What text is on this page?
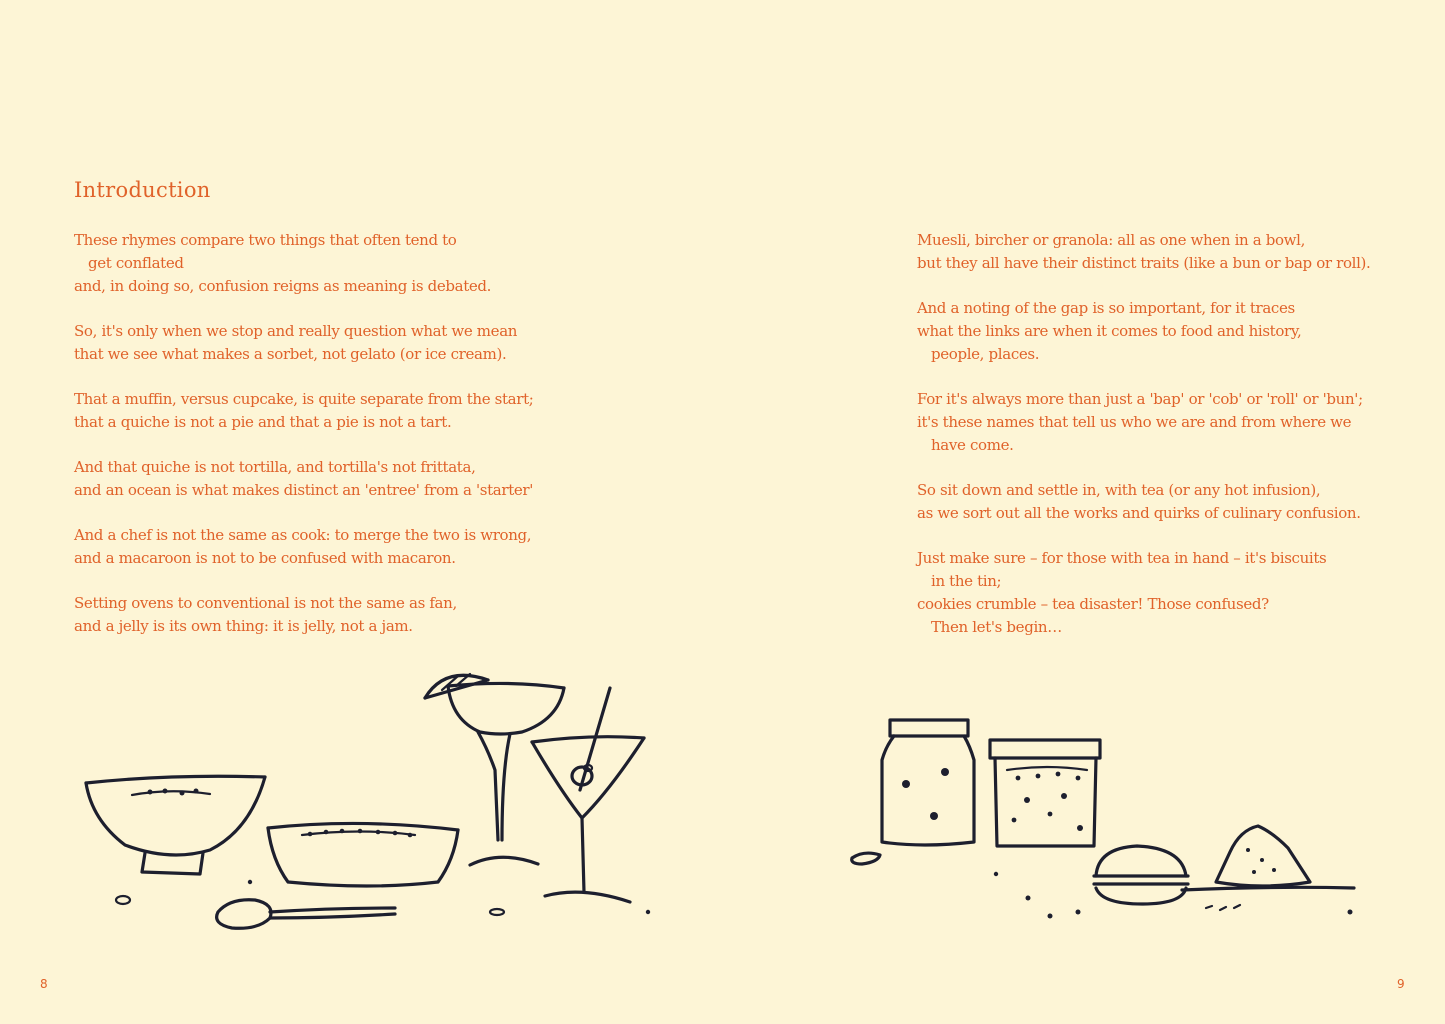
Introduction

These rhymes compare two things that often tend to
get conflated
and, in doing so, confusion reigns as meaning is debated.

So, it's only when we stop and really question what we mean
that we see what makes a sorbet, not gelato (or ice cream).

That a muffin, versus cupcake, is quite separate from the start;
that a quiche is not a pie and that a pie is not a tart.

And that quiche is not tortilla, and tortilla's not frittata,
and an ocean is what makes distinct an 'entree' from a 'starter'

And a chef is not the same as cook: to merge the two is wrong,
and a macaroon is not to be confused with macaron.

Setting ovens to conventional is not the same as fan,
and a jelly is its own thing: it is jelly, not a jam.

8

Muesli, bircher or granola: all as one when in a bowl,
but they all have their distinct traits (like a bun or bap or roll).

And a noting of the gap is so important, for it traces
what the links are when it comes to food and history,
people, places.

For it's always more than just a 'bap' or 'cob' or 'roll' or 'bun';
it's these names that tell us who we are and from where we
have come.

So sit down and settle in, with tea (or any hot infusion),
as we sort out all the works and quirks of culinary confusion.

Just make sure – for those with tea in hand – it's biscuits
in the tin;
cookies crumble – tea disaster! Those confused?
Then let's begin…

9
